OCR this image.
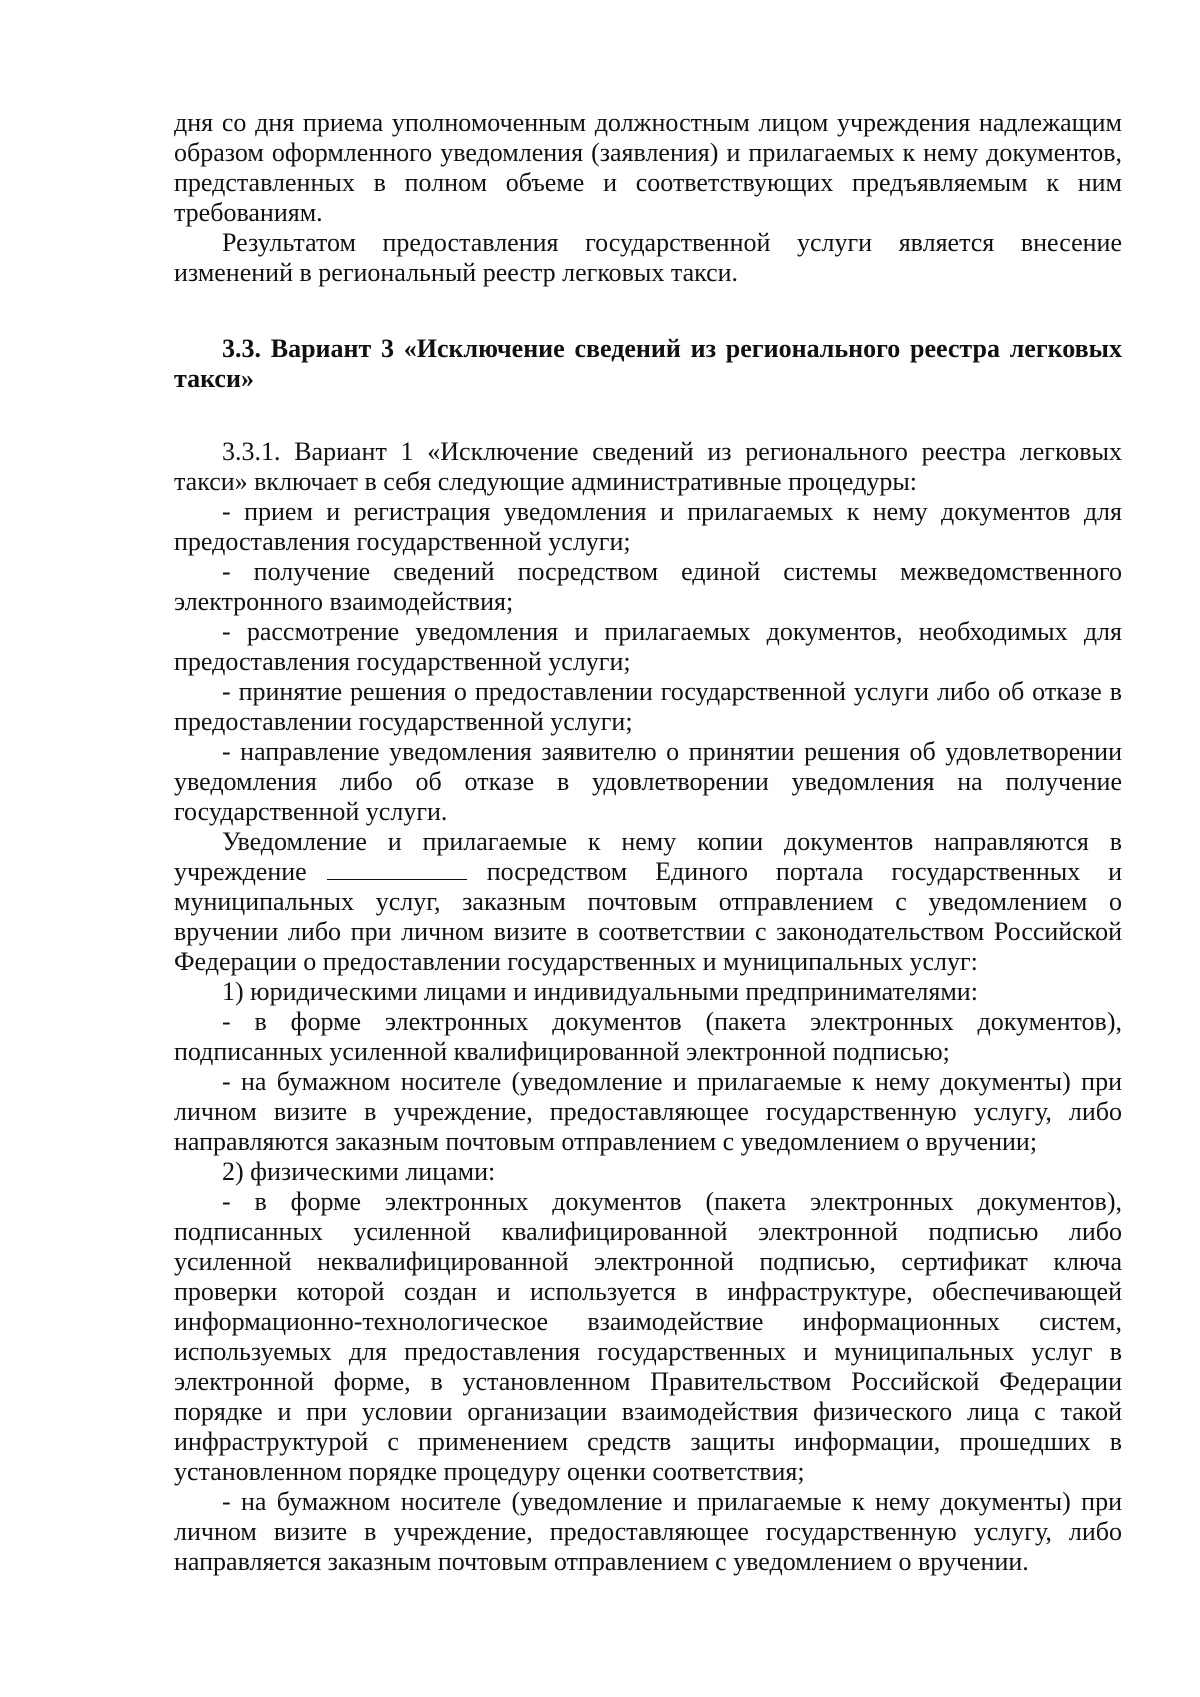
дня со дня приема уполномоченным должностным лицом учреждения надлежащим образом оформленного уведомления (заявления) и прилагаемых к нему документов, представленных в полном объеме и соответствующих предъявляемым к ним требованиям.

Результатом предоставления государственной услуги является внесение изменений в региональный реестр легковых такси.

3.3. Вариант 3 «Исключение сведений из регионального реестра легковых такси»

3.3.1. Вариант 1 «Исключение сведений из регионального реестра легковых такси» включает в себя следующие административные процедуры:

- прием и регистрация уведомления и прилагаемых к нему документов для предоставления государственной услуги;

- получение сведений посредством единой системы межведомственного электронного взаимодействия;

- рассмотрение уведомления и прилагаемых документов, необходимых для предоставления государственной услуги;

- принятие решения о предоставлении государственной услуги либо об отказе в предоставлении государственной услуги;

- направление уведомления заявителю о принятии решения об удовлетворении уведомления либо об отказе в удовлетворении уведомления на получение государственной услуги.

Уведомление и прилагаемые к нему копии документов направляются в учреждение	посредством Единого портала государственных и муниципальных услуг, заказным почтовым отправлением с уведомлением о вручении либо при личном визите в соответствии с законодательством Российской Федерации о предоставлении государственных и муниципальных услуг:

1) юридическими лицами и индивидуальными предпринимателями:

- в форме электронных документов (пакета электронных документов), подписанных усиленной квалифицированной электронной подписью;

- на бумажном носителе (уведомление и прилагаемые к нему документы) при личном визите в учреждение, предоставляющее государственную услугу, либо направляются заказным почтовым отправлением с уведомлением о вручении;

2) физическими лицами:

- в форме электронных документов (пакета электронных документов), подписанных усиленной квалифицированной электронной подписью либо усиленной неквалифицированной электронной подписью, сертификат ключа проверки которой создан и используется в инфраструктуре, обеспечивающей информационно-технологическое взаимодействие информационных систем, используемых для предоставления государственных и муниципальных услуг в электронной форме, в установленном Правительством Российской Федерации порядке и при условии организации взаимодействия физического лица с такой инфраструктурой с применением средств защиты информации, прошедших в установленном порядке процедуру оценки соответствия;

- на бумажном носителе (уведомление и прилагаемые к нему документы) при личном визите в учреждение, предоставляющее государственную услугу, либо направляется заказным почтовым отправлением с уведомлением о вручении.
